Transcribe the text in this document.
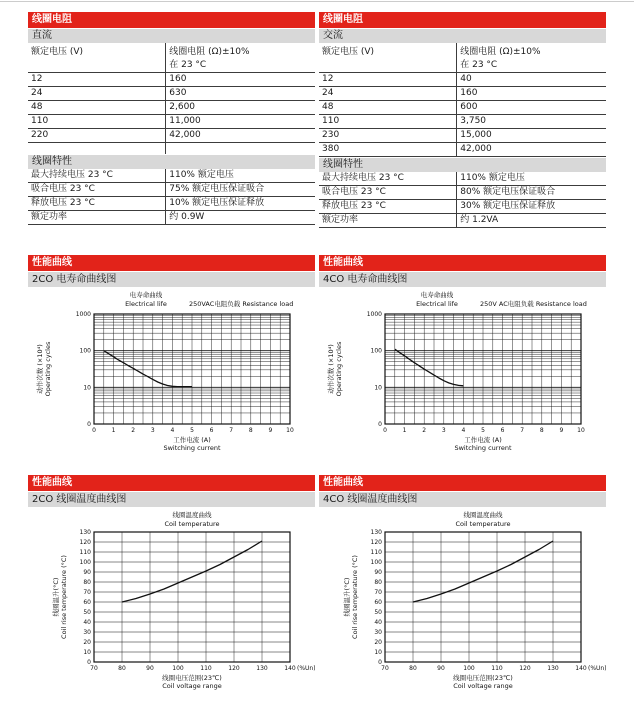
线圈电阻
直流
额定电压 (V)	线圈电阻 (Ω)±10%
在 23 °C

12	160
24	630
48	2,600
110	11,000
220	42,000

线圈特性
最大持续电压 23 °C	110% 额定电压
吸合电压 23 °C	75% 额定电压保证吸合
释放电压 23 °C	10% 额定电压保证释放
额定功率	约 0.9W
线圈电阻
交流
额定电压 (V)	线圈电阻 (Ω)±10%
在 23 °C

12	40
24	160
48	600
110	3,750
230	15,000
380	42,000
线圈特性
最大持续电压 23 °C	110% 额定电压
吸合电压 23 °C	80% 额定电压保证吸合
释放电压 23 °C	30% 额定电压保证释放
额定功率	约 1.2VA
性能曲线
2CO 电寿命曲线图
0	1	2	3	4	5	6	7	8	9 10
0
10
100
1000
电寿命曲线
Electrical life	250VAC电阻负载 Resistance load
工作电流 (A)
Switching current
动作次数 (×10⁴) Operating cycles
性能曲线
4CO 电寿命曲线图
0	1	2	3	4	5	6	7	8	9 10
0
10
100
1000
电寿命曲线
Electrical life	250V AC电阻负载 Resistance load
工作电流 (A)
Switching current
动作次数 (×10⁴) Operating cycles
性能曲线
2CO 线圈温度曲线图
70	80	90	100	110	120	130	140 (%Un)
0
10
20
30
40
50
60
70
80
90
100
110
120
130
线圈温度曲线
Coil temperature
线圈电压范围(23℃)
Coil voltage range
线圈温升(°C) Coil rise temperature (°C)
性能曲线
4CO 线圈温度曲线图
70	80	90	100	110	120	130	140 (%Un)
0
10
20
30
40
50
60
70
80
90
100
110
120
130
线圈温度曲线
Coil temperature
线圈电压范围(23℃)
Coil voltage range
线圈温升(°C) Coil rise temperature (°C)
